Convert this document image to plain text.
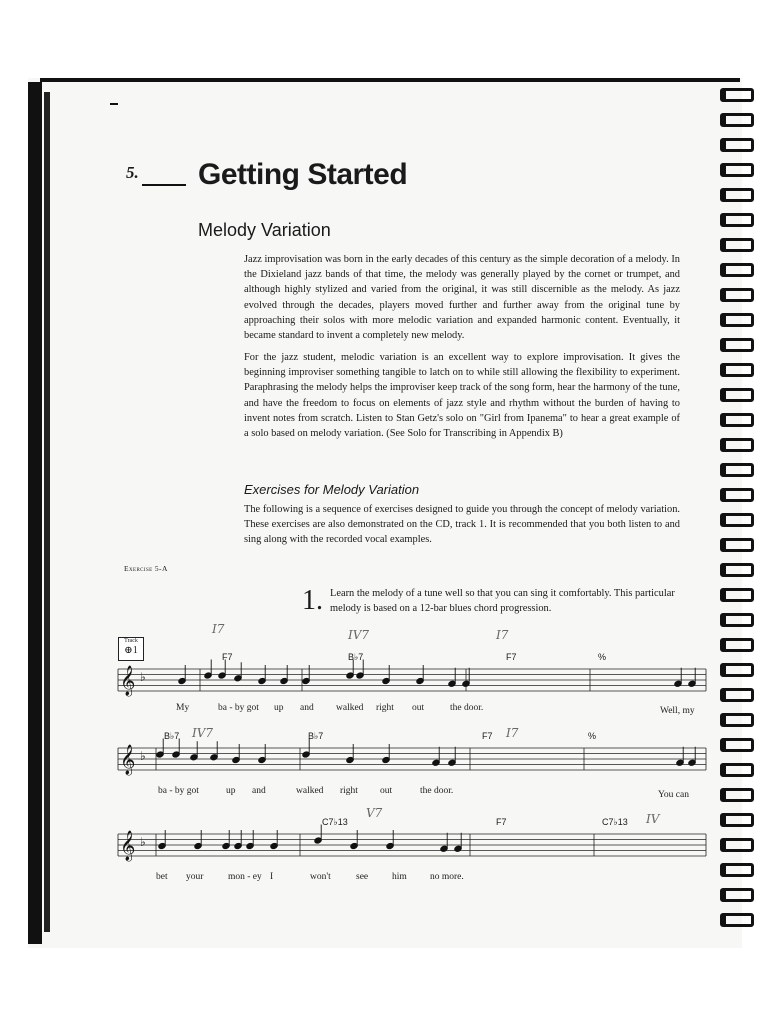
5. Getting Started
Melody Variation
Jazz improvisation was born in the early decades of this century as the simple decoration of a melody. In the Dixieland jazz bands of that time, the melody was generally played by the cornet or trumpet, and although highly stylized and varied from the original, it was still discernible as the melody. As jazz evolved through the decades, players moved further and further away from the original tune by approaching their solos with more melodic variation and expanded harmonic content. Eventually, it became standard to invent a completely new melody.
For the jazz student, melodic variation is an excellent way to explore improvisation. It gives the beginning improviser something tangible to latch on to while still allowing the flexibility to experiment. Paraphrasing the melody helps the improviser keep track of the song form, hear the harmony of the tune, and have the freedom to focus on elements of jazz style and rhythm without the burden of having to invent notes from scratch. Listen to Stan Getz's solo on "Girl from Ipanema" to hear a great example of a solo based on melody variation. (See Solo for Transcribing in Appendix B)
Exercises for Melody Variation
The following is a sequence of exercises designed to guide you through the concept of melody variation. These exercises are also demonstrated on the CD, track 1. It is recommended that you both listen to and sing along with the recorded vocal examples.
Exercise 5-A
1. Learn the melody of a tune well so that you can sing it comfortably. This particular melody is based on a 12-bar blues chord progression.
Track
⊕1
𝄞 ♭
𝄞 ♭
𝄞 ♭
F7	B♭7	F7	%
B♭7	B♭7	F7	%
C7♭13	F7	C7♭13
I7	IV7	I7
IV7	I7
V7	IV
My	ba - by got up and walked right out	the door.	Well, my
ba - by got	up and	walked right out	the door.	You can
bet your	mon - ey I	won't	see	him no more.
